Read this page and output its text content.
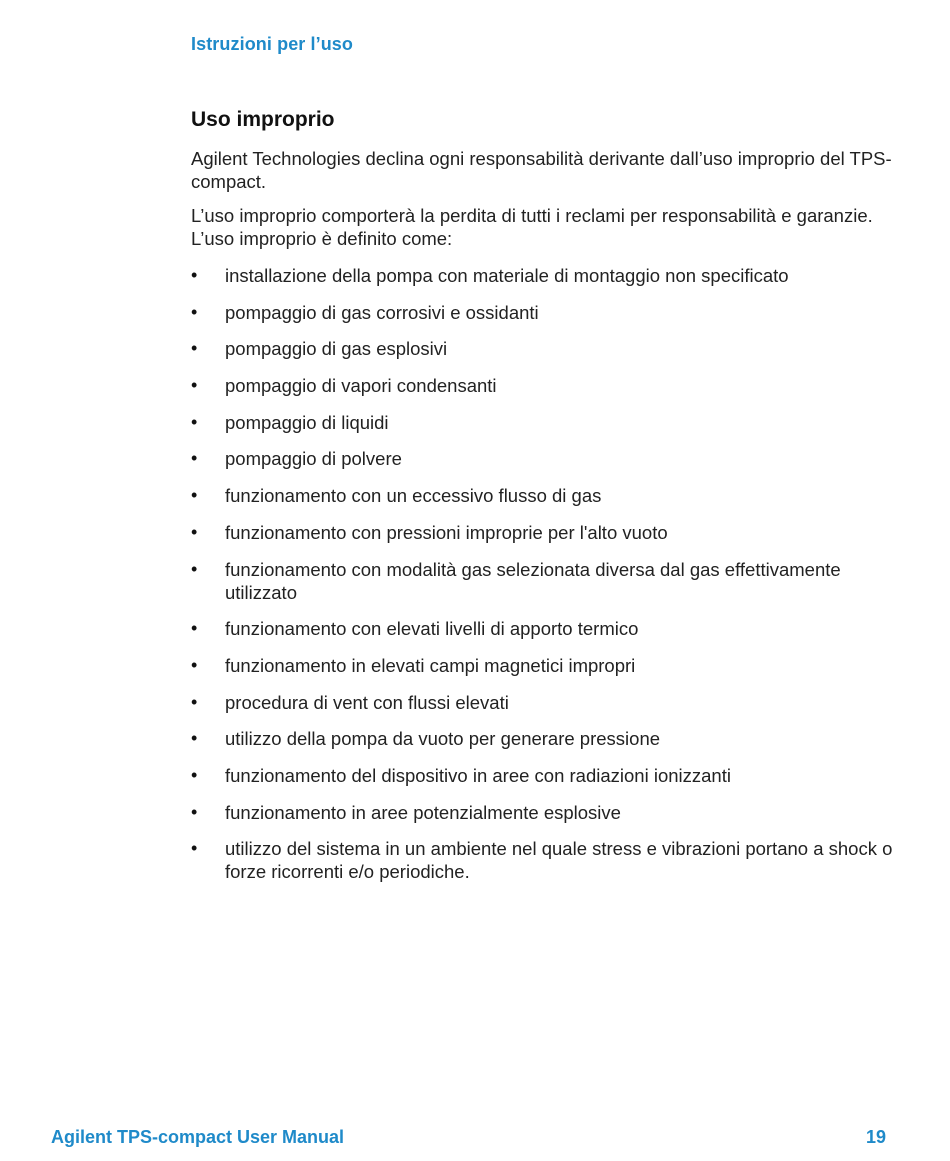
Istruzioni per l’uso
Uso improprio

Agilent Technologies declina ogni responsabilità derivante dall’uso improprio del TPS-compact.

L’uso improprio comporterà la perdita di tutti i reclami per responsabilità e garanzie. L’uso improprio è definito come:

• installazione della pompa con materiale di montaggio non specificato
• pompaggio di gas corrosivi e ossidanti
• pompaggio di gas esplosivi
• pompaggio di vapori condensanti
• pompaggio di liquidi
• pompaggio di polvere
• funzionamento con un eccessivo flusso di gas
• funzionamento con pressioni improprie per l'alto vuoto
• funzionamento con modalità gas selezionata diversa dal gas effettivamente utilizzato
• funzionamento con elevati livelli di apporto termico
• funzionamento in elevati campi magnetici impropri
• procedura di vent con flussi elevati
• utilizzo della pompa da vuoto per generare pressione
• funzionamento del dispositivo in aree con radiazioni ionizzanti
• funzionamento in aree potenzialmente esplosive
• utilizzo del sistema in un ambiente nel quale stress e vibrazioni portano a shock o forze ricorrenti e/o periodiche.
Agilent TPS-compact User Manual	19
